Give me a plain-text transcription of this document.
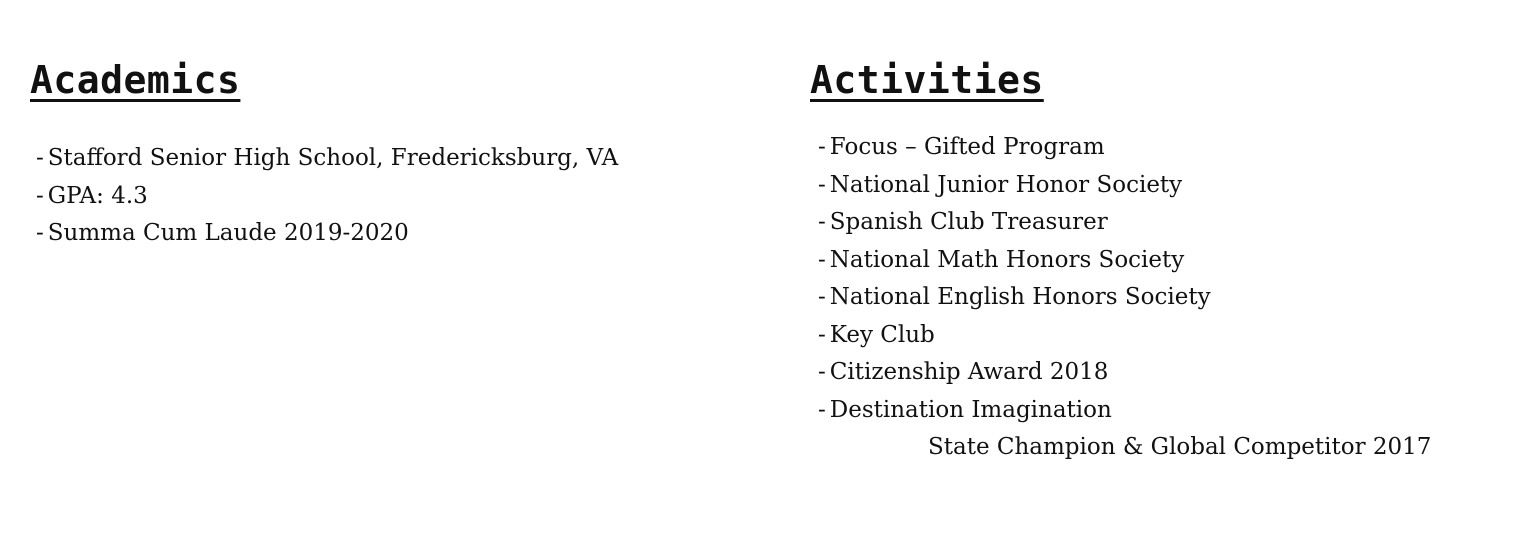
Academics
- Stafford Senior High School, Fredericksburg, VA
- GPA: 4.3
- Summa Cum Laude 2019-2020
Activities
- Focus – Gifted Program
- National Junior Honor Society
- Spanish Club Treasurer
- National Math Honors Society
- National English Honors Society
- Key Club
- Citizenship Award 2018
- Destination Imagination
State Champion & Global Competitor 2017
